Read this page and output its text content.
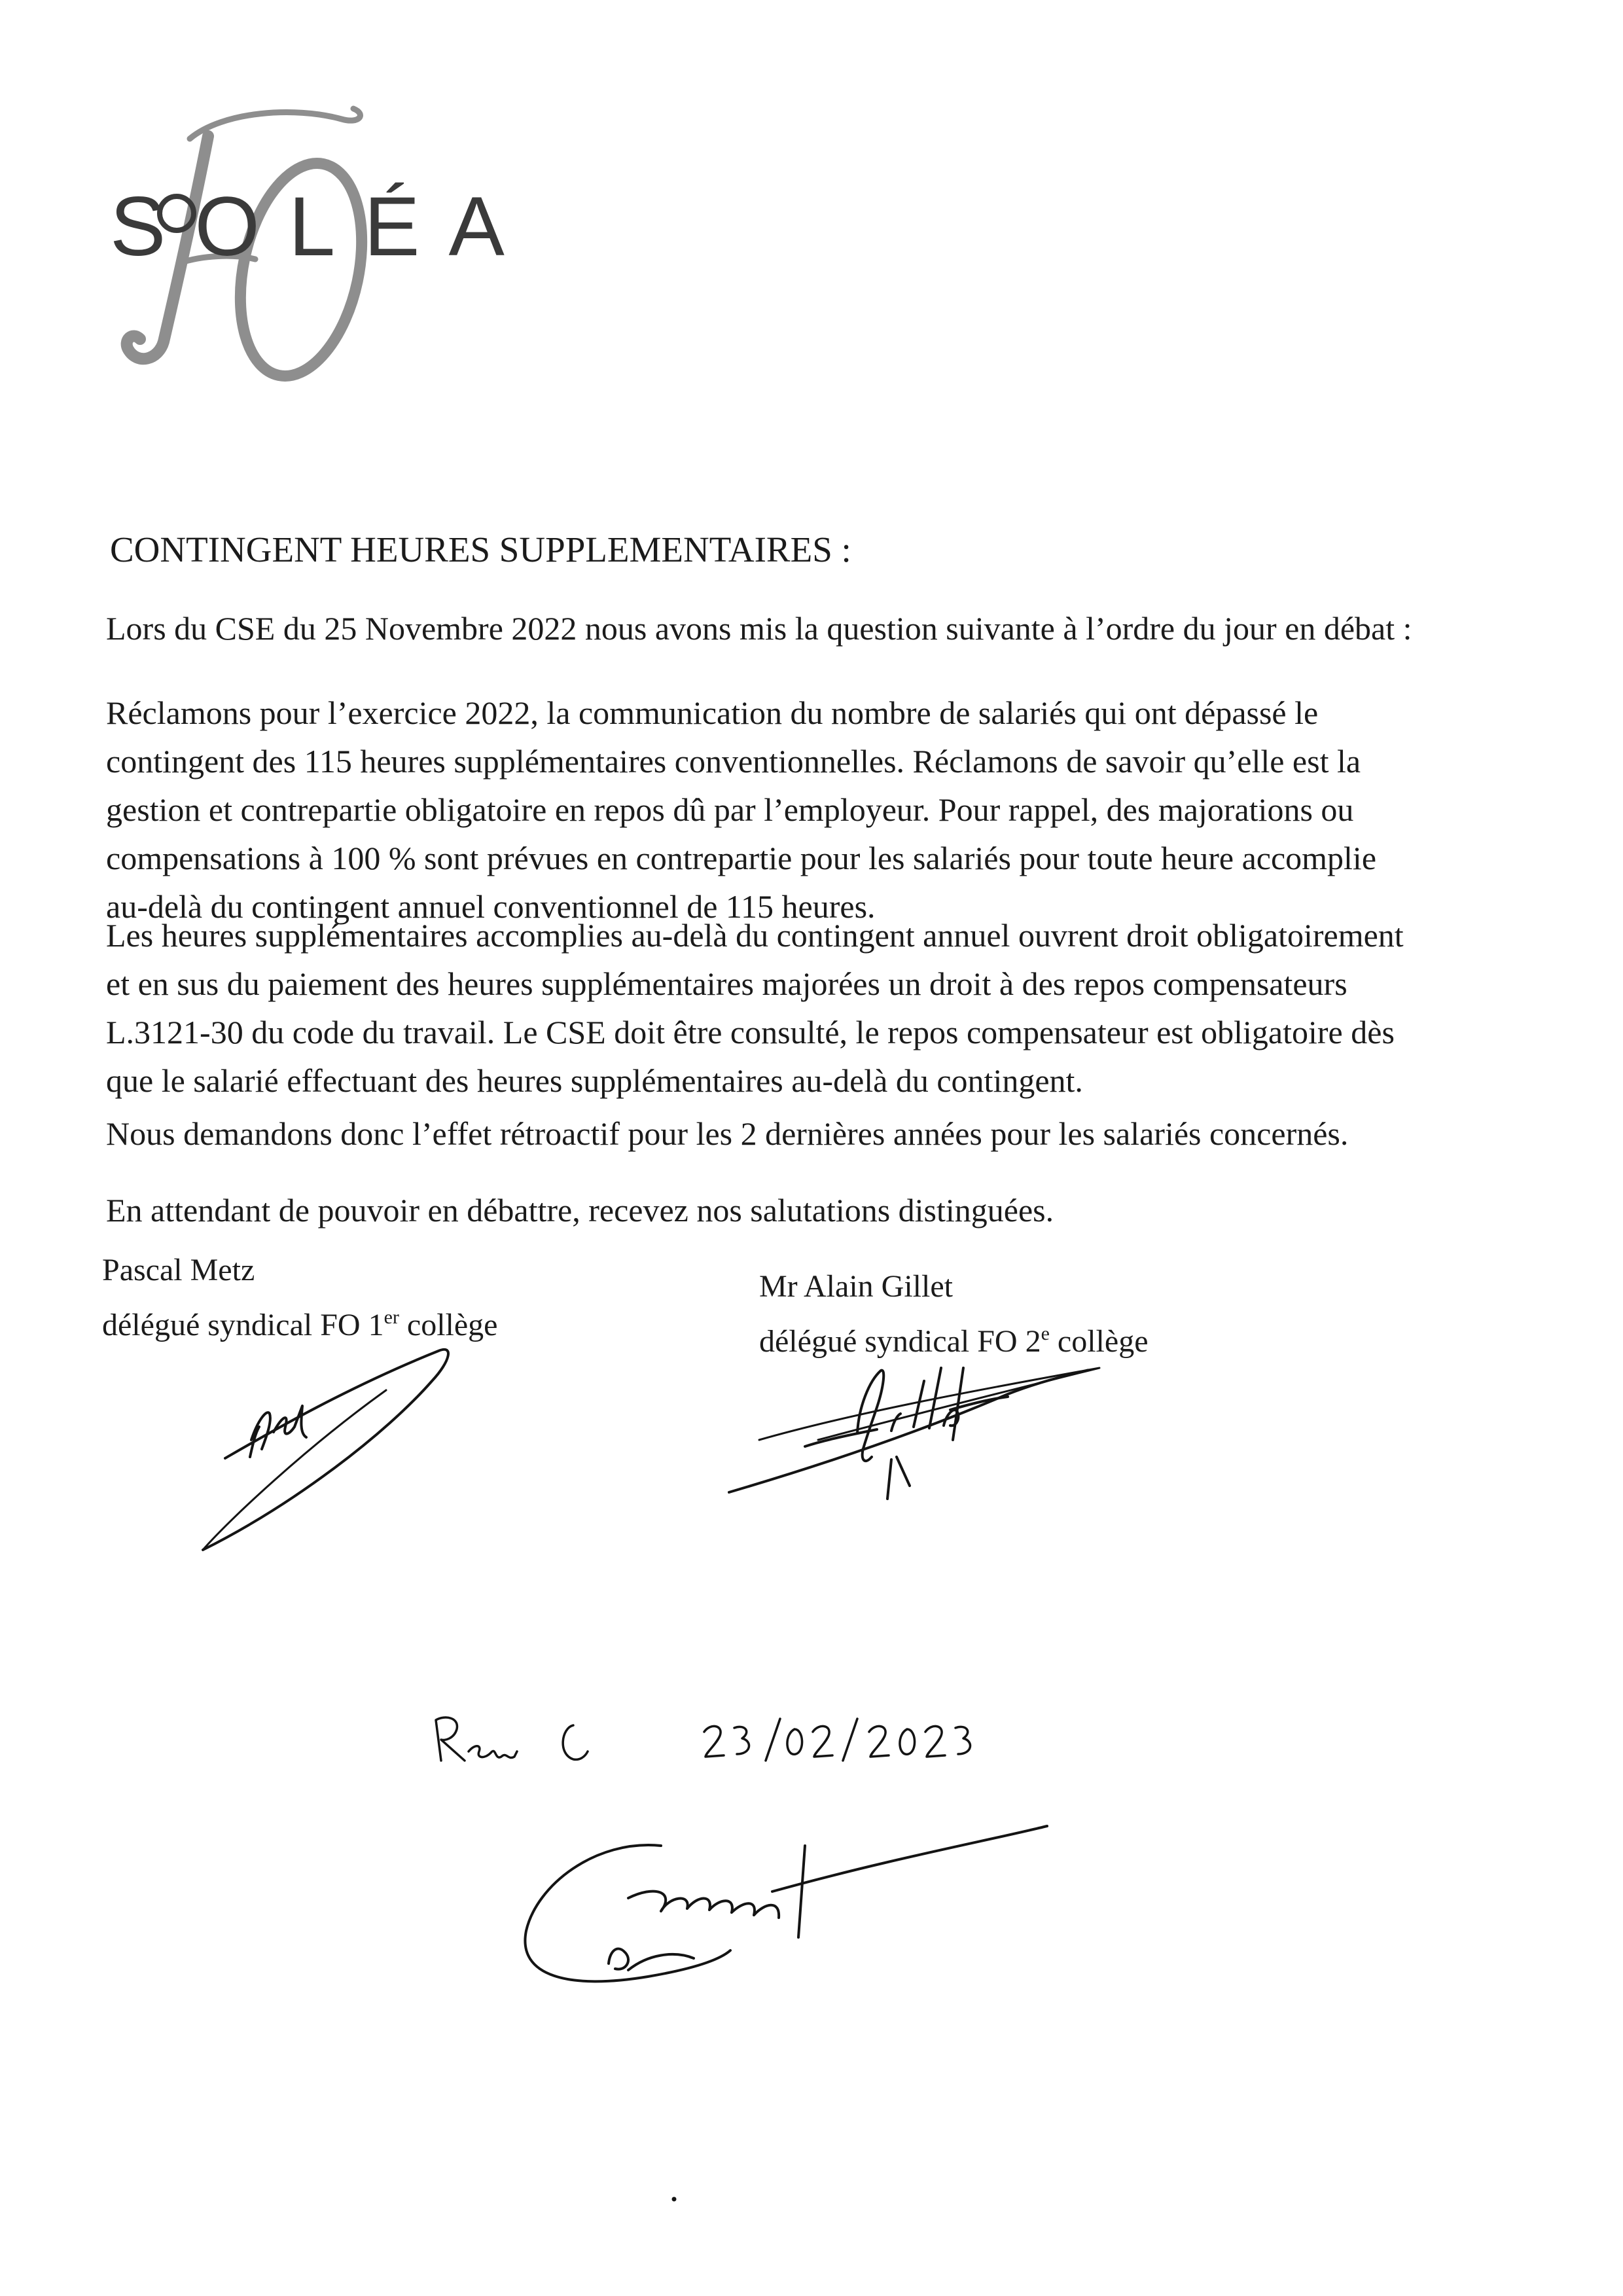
SOLÉA
CONTINGENT HEURES SUPPLEMENTAIRES :
Lors du CSE du 25 Novembre 2022 nous avons mis la question suivante à l’ordre du jour en débat :
Réclamons pour l’exercice 2022, la communication du nombre de salariés qui ont dépassé le
contingent des 115 heures supplémentaires conventionnelles. Réclamons de savoir qu’elle est la
gestion et contrepartie obligatoire en repos dû par l’employeur. Pour rappel, des majorations ou
compensations à 100 % sont prévues en contrepartie pour les salariés pour toute heure accomplie
au-delà du contingent annuel conventionnel de 115 heures.
Les heures supplémentaires accomplies au-delà du contingent annuel ouvrent droit obligatoirement
et en sus du paiement des heures supplémentaires majorées un droit à des repos compensateurs
L.3121-30 du code du travail. Le CSE doit être consulté, le repos compensateur est obligatoire dès
que le salarié effectuant des heures supplémentaires au-delà du contingent.
Nous demandons donc l’effet rétroactif pour les 2 dernières années pour les salariés concernés.
En attendant de pouvoir en débattre, recevez nos salutations distinguées.
Pascal Metz
délégué syndical FO 1er collège
Mr Alain Gillet
délégué syndical FO 2e collège
